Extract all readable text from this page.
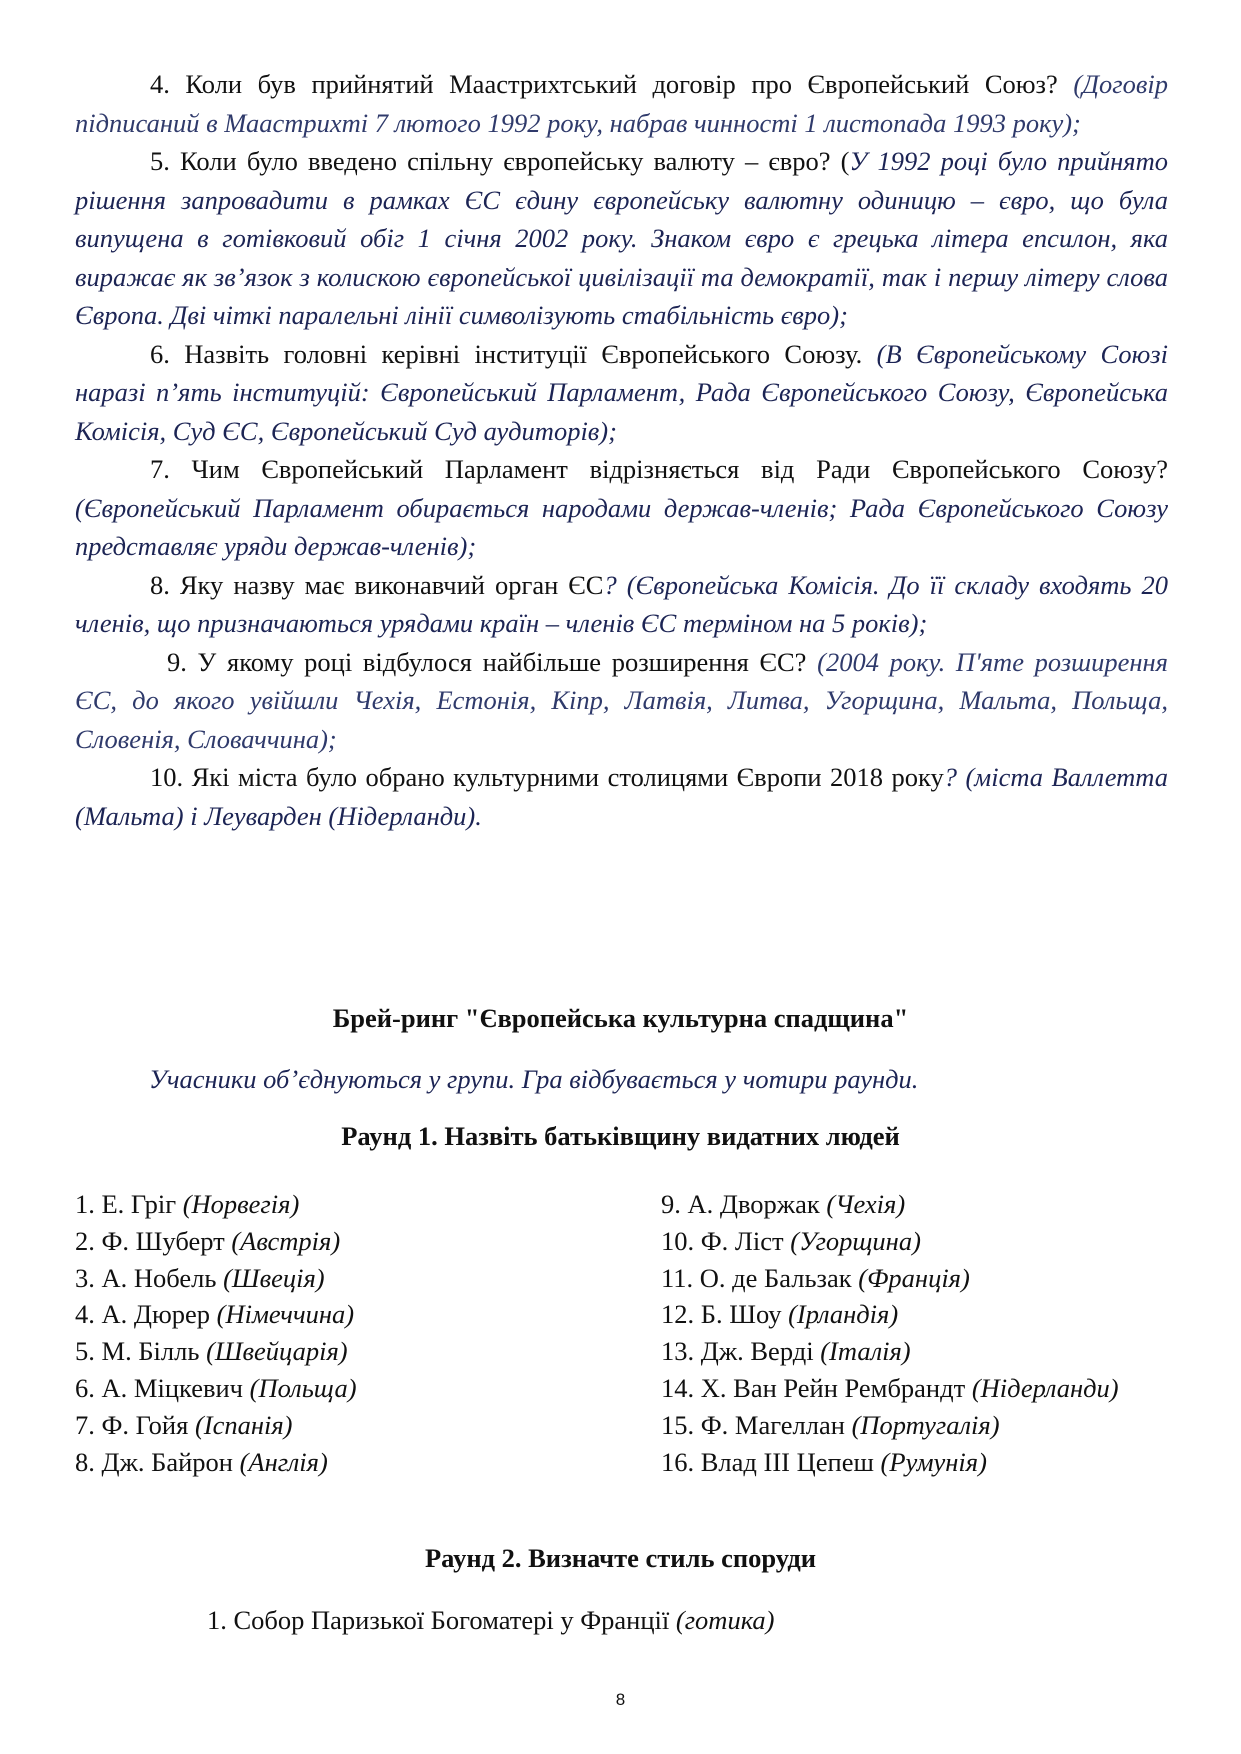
4. Коли був прийнятий Маастрихтський договір про Європейський Союз? (Договір підписаний в Маастрихті 7 лютого 1992 року, набрав чинності 1 листопада 1993 року);

5. Коли було введено спільну європейську валюту – євро? (У 1992 році було прийнято рішення запровадити в рамках ЄС єдину європейську валютну одиницю – євро, що була випущена в готівковий обіг 1 січня 2002 року. Знаком євро є грецька літера епсилон, яка виражає як зв’язок з колискою європейської цивілізації та демократії, так і першу літеру слова Європа. Дві чіткі паралельні лінії символізують стабільність євро);

6. Назвіть головні керівні інституції Європейського Союзу. (В Європейському Союзі наразі п’ять інституцій: Європейський Парламент, Рада Європейського Союзу, Європейська Комісія, Суд ЄС, Європейський Суд аудиторів);

7. Чим Європейський Парламент відрізняється від Ради Європейського Союзу? (Європейський Парламент обирається народами держав-членів; Рада Європейського Союзу представляє уряди держав-членів);

8. Яку назву має виконавчий орган ЄС? (Європейська Комісія. До її складу входять 20 членів, що призначаються урядами країн – членів ЄС терміном на 5 років);

9. У якому році відбулося найбільше розширення ЄС? (2004 року. П'яте розширення ЄС, до якого увійшли Чехія, Естонія, Кіпр, Латвія, Литва, Угорщина, Мальта, Польща, Словенія, Словаччина);

10. Які міста було обрано культурними столицями Європи 2018 року? (міста Валлетта (Мальта) і Леуварден (Нідерланди).

Брей-ринг "Європейська культурна спадщина"
Учасники об’єднуються у групи. Гра відбувається у чотири раунди.
Раунд 1. Назвіть батьківщину видатних людей
1. Е. Гріг (Норвегія)
2. Ф. Шуберт (Австрія)
3. А. Нобель (Швеція)
4. А. Дюрер (Німеччина)
5. М. Білль (Швейцарія)
6. А. Міцкевич (Польща)
7. Ф. Гойя (Іспанія)
8. Дж. Байрон (Англія)
9. А. Дворжак (Чехія)
10. Ф. Ліст (Угорщина)
11. О. де Бальзак (Франція)
12. Б. Шоу (Ірландія)
13. Дж. Верді (Італія)
14. Х. Ван Рейн Рембрандт (Нідерланди)
15. Ф. Магеллан (Португалія)
16. Влад ІІІ Цепеш (Румунія)
Раунд 2. Визначте стиль споруди
1. Собор Паризької Богоматері у Франції (готика)
8
